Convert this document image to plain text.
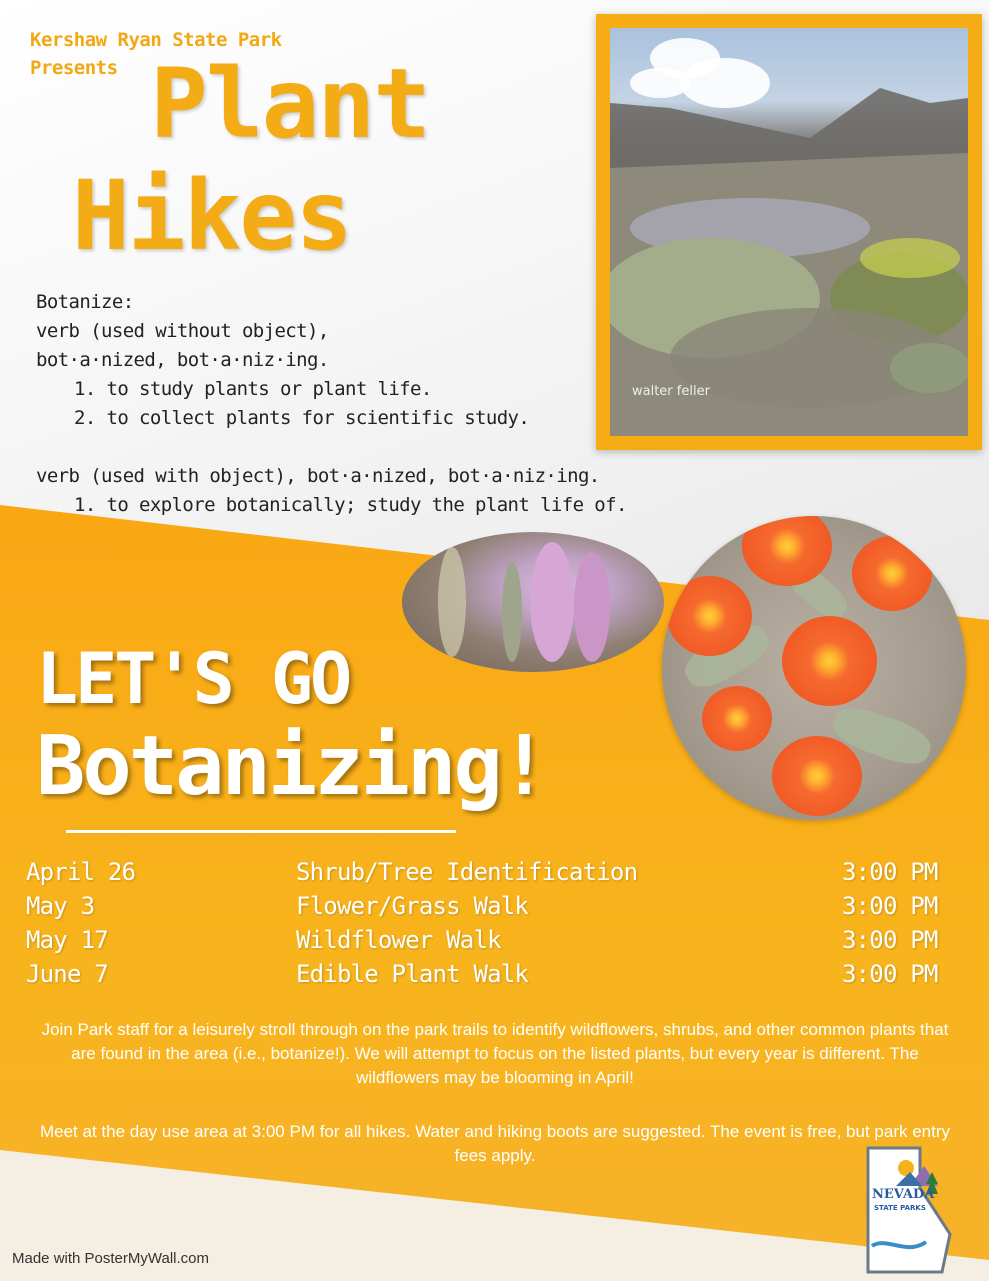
Kershaw Ryan State Park
Presents Plant
Hikes
Botanize:
verb (used without object),
bot·a·nized, bot·a·niz·ing.
1. to study plants or plant life.
2. to collect plants for scientific study.
verb (used with object), bot·a·nized, bot·a·niz·ing.
1. to explore botanically; study the plant life of.
walter feller
LET'S GO
Botanizing!
April 26	Shrub/Tree Identification	3:00 PM
May 3	Flower/Grass Walk	3:00 PM
May 17	Wildflower Walk	3:00 PM
June 7	Edible Plant Walk	3:00 PM
Join Park staff for a leisurely stroll through on the park trails to identify wildflowers, shrubs, and other common plants that are found in the area (i.e., botanize!). We will attempt to focus on the listed plants, but every year is different. The wildflowers may be blooming in April!
Meet at the day use area at 3:00 PM for all hikes. Water and hiking boots are suggested. The event is free, but park entry fees apply.
Made with PosterMyWall.com
NEVADA
STATE PARKS
